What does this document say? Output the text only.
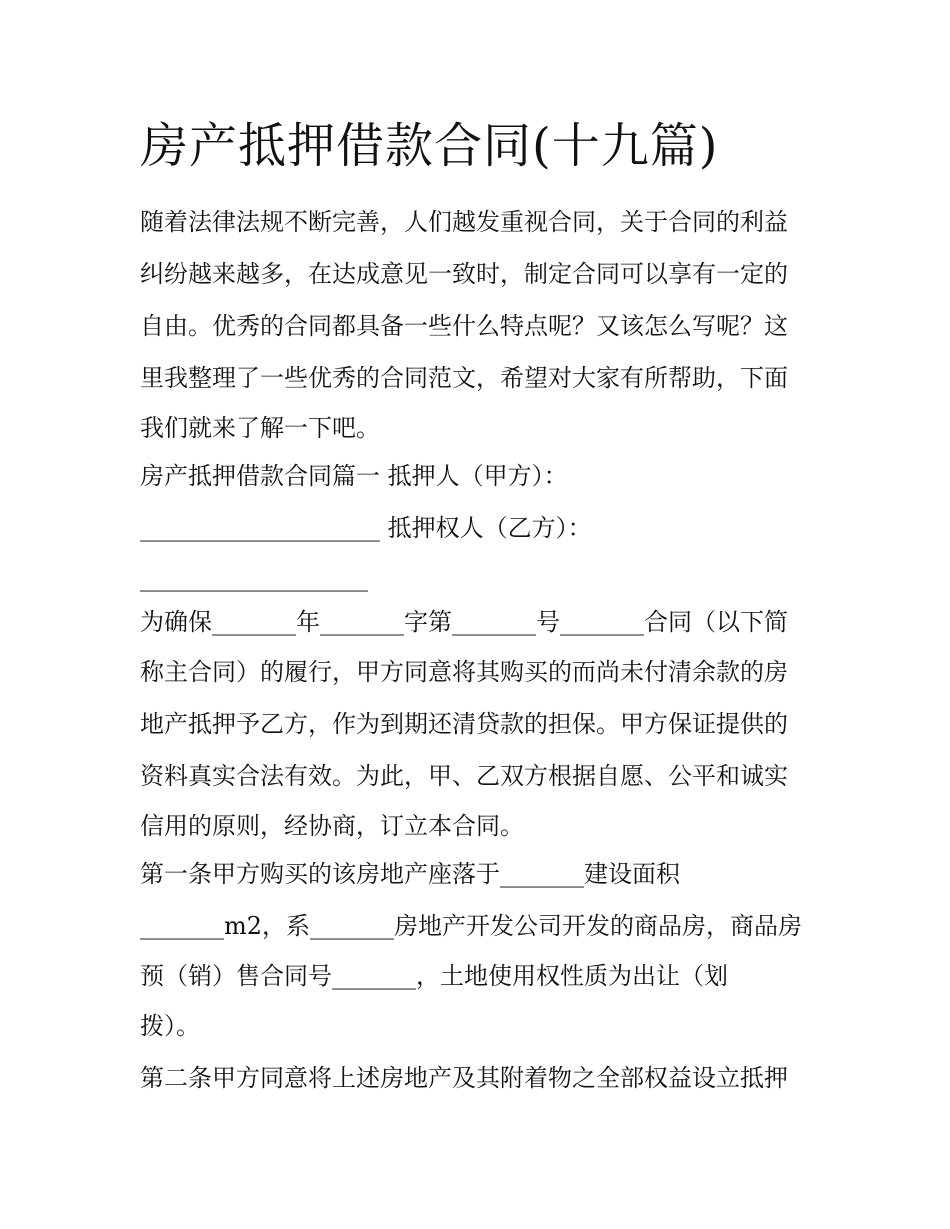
房产抵押借款合同(十九篇)

随着法律法规不断完善，人们越发重视合同，关于合同的利益

纠纷越来越多，在达成意见一致时，制定合同可以享有一定的

自由。优秀的合同都具备一些什么特点呢？又该怎么写呢？这

里我整理了一些优秀的合同范文，希望对大家有所帮助，下面

我们就来了解一下吧。

房产抵押借款合同篇一 抵押人（甲方）：

____________________ 抵押权人（乙方）：

___________________

为确保_______年_______字第_______号_______合同（以下简

称主合同）的履行，甲方同意将其购买的而尚未付清余款的房

地产抵押予乙方，作为到期还清贷款的担保。甲方保证提供的

资料真实合法有效。为此，甲、乙双方根据自愿、公平和诚实

信用的原则，经协商，订立本合同。

第一条甲方购买的该房地产座落于_______建设面积

_______m2，系_______房地产开发公司开发的商品房，商品房

预（销）售合同号_______，土地使用权性质为出让（划

拨）。

第二条甲方同意将上述房地产及其附着物之全部权益设立抵押
